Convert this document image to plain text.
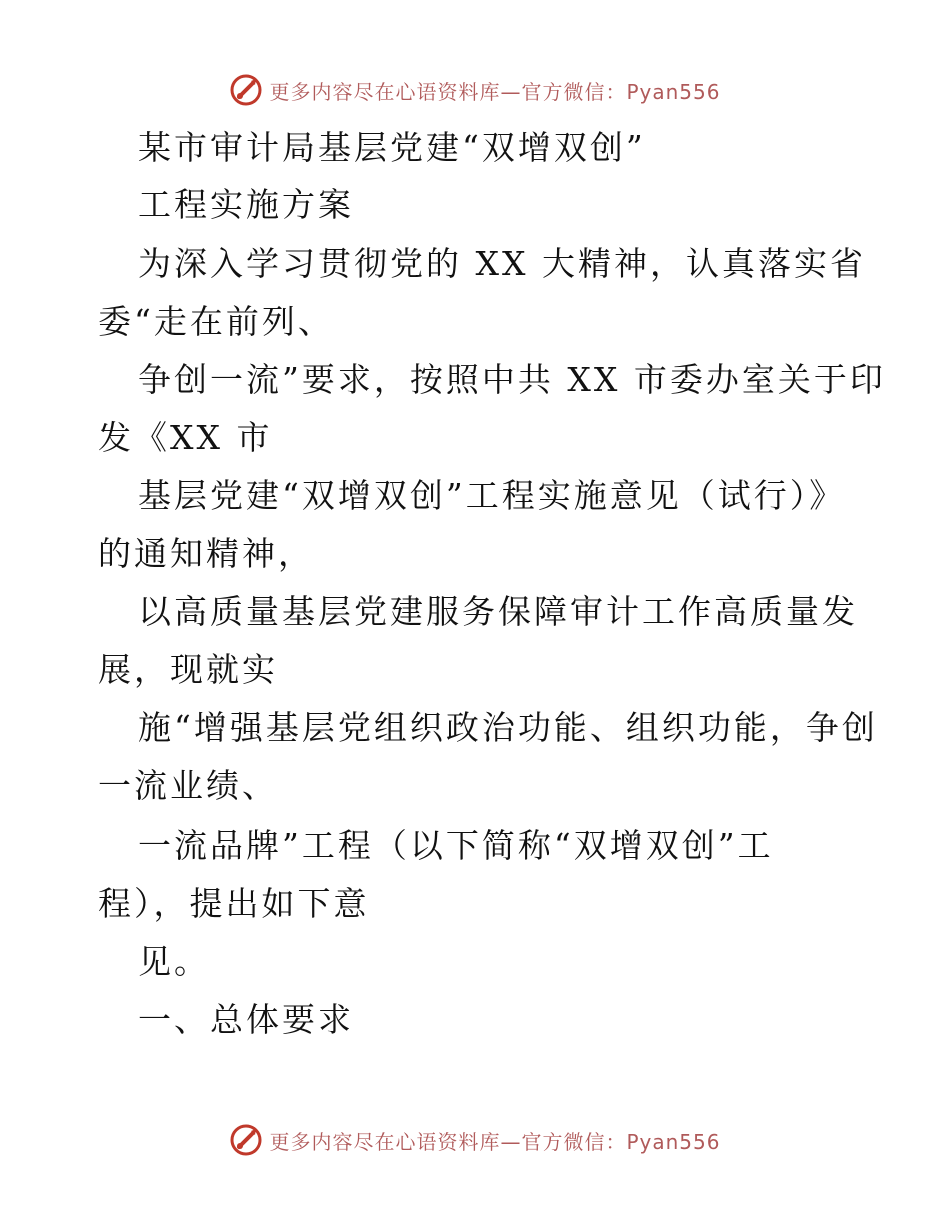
更多内容尽在心语资料库—官方微信：Pyan556
某市审计局基层党建“双增双创”
工程实施方案
为深入学习贯彻党的 XX 大精神，认真落实省
委“走在前列、
争创一流”要求，按照中共 XX 市委办室关于印
发《XX 市
基层党建“双增双创”工程实施意见（试行）》
的通知精神，
以高质量基层党建服务保障审计工作高质量发
展，现就实
施“增强基层党组织政治功能、组织功能，争创
一流业绩、
一流品牌”工程（以下简称“双增双创”工
程），提出如下意
见。
一、总体要求
更多内容尽在心语资料库—官方微信：Pyan556
